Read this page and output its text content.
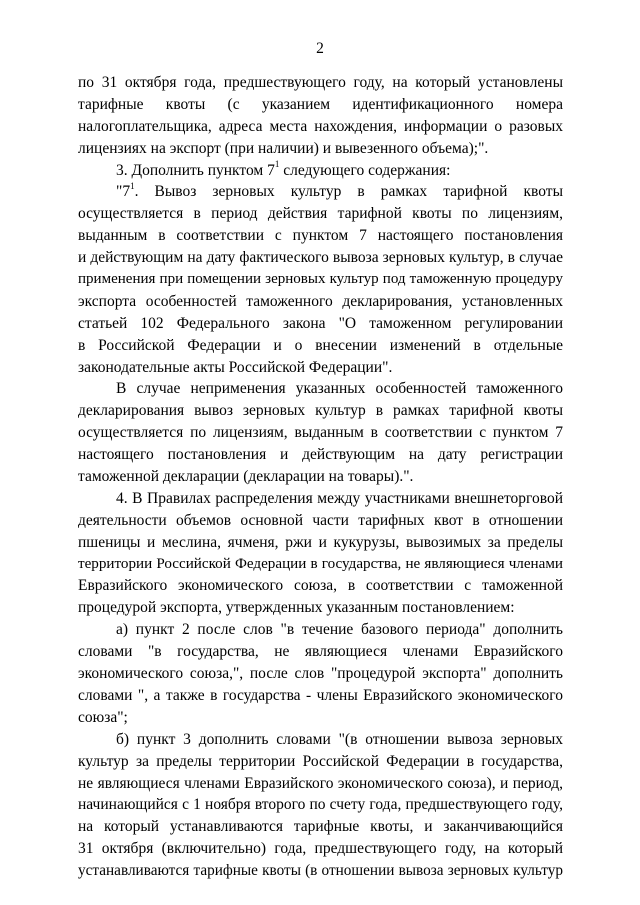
2
по 31 октября года, предшествующего году, на который установлены
тарифные квоты (с указанием идентификационного номера
налогоплательщика, адреса места нахождения, информации о разовых
лицензиях на экспорт (при наличии) и вывезенного объема);".
3. Дополнить пунктом $7^1$ следующего содержания:
"$7^1$. Вывоз зерновых культур в рамках тарифной квоты
осуществляется в период действия тарифной квоты по лицензиям,
выданным в соответствии с пунктом 7 настоящего постановления
и действующим на дату фактического вывоза зерновых культур, в случае
применения при помещении зерновых культур под таможенную процедуру
экспорта особенностей таможенного декларирования, установленных
статьей 102 Федерального закона "О таможенном регулировании
в Российской Федерации и о внесении изменений в отдельные
законодательные акты Российской Федерации".
В случае неприменения указанных особенностей таможенного
декларирования вывоз зерновых культур в рамках тарифной квоты
осуществляется по лицензиям, выданным в соответствии с пунктом 7
настоящего постановления и действующим на дату регистрации
таможенной декларации (декларации на товары).".
4. В Правилах распределения между участниками внешнеторговой
деятельности объемов основной части тарифных квот в отношении
пшеницы и меслина, ячменя, ржи и кукурузы, вывозимых за пределы
территории Российской Федерации в государства, не являющиеся членами
Евразийского экономического союза, в соответствии с таможенной
процедурой экспорта, утвержденных указанным постановлением:
а) пункт 2 после слов "в течение базового периода" дополнить
словами "в государства, не являющиеся членами Евразийского
экономического союза,", после слов "процедурой экспорта" дополнить
словами ", а также в государства - члены Евразийского экономического
союза";
б) пункт 3 дополнить словами "(в отношении вывоза зерновых
культур за пределы территории Российской Федерации в государства,
не являющиеся членами Евразийского экономического союза), и период,
начинающийся с 1 ноября второго по счету года, предшествующего году,
на который устанавливаются тарифные квоты, и заканчивающийся
31 октября (включительно) года, предшествующего году, на который
устанавливаются тарифные квоты (в отношении вывоза зерновых культур
